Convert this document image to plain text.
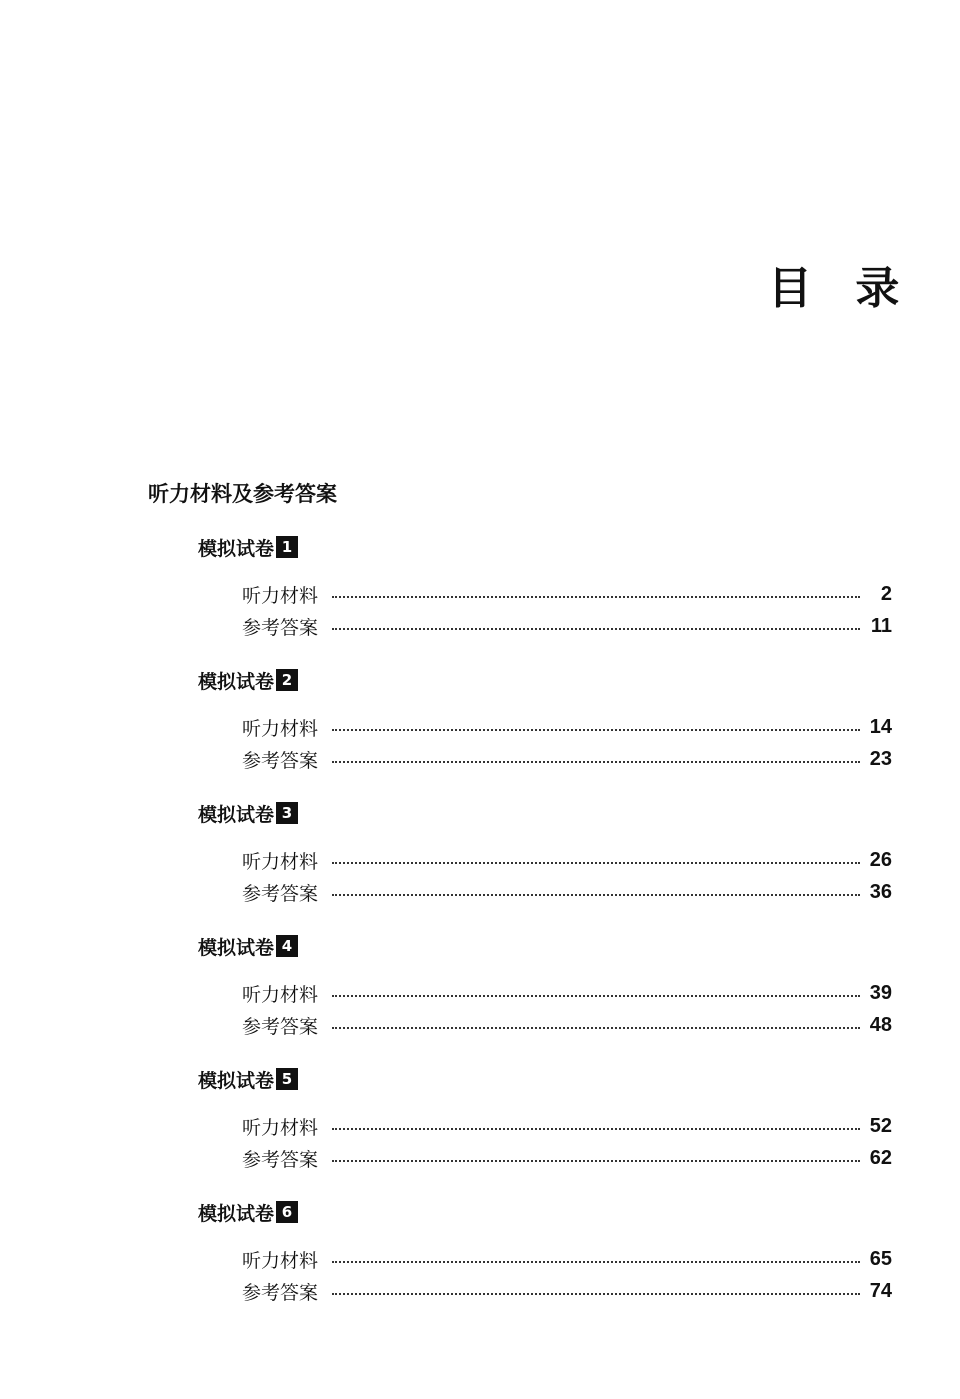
目 录
听力材料及参考答案
模拟试卷 1
听力材料	2
参考答案	11
模拟试卷 2
听力材料	14
参考答案	23
模拟试卷 3
听力材料	26
参考答案	36
模拟试卷 4
听力材料	39
参考答案	48
模拟试卷 5
听力材料	52
参考答案	62
模拟试卷 6
听力材料	65
参考答案	74
